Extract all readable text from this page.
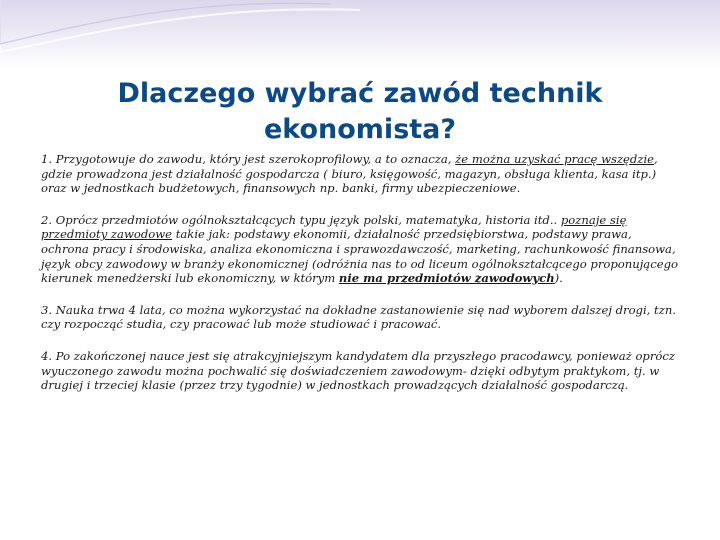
Dlaczego wybrać zawód technik
ekonomista?

1. Przygotowuje do zawodu, który jest szerokoprofilowy, a to oznacza, że można uzyskać pracę wszędzie, gdzie prowadzona jest działalność gospodarcza ( biuro, księgowość, magazyn, obsługa klienta, kasa itp.) oraz w jednostkach budżetowych, finansowych np. banki, firmy ubezpieczeniowe.

2. Oprócz przedmiotów ogólnokształcących typu język polski, matematyka, historia itd.. poznaje się przedmioty zawodowe takie jak: podstawy ekonomii, działalność przedsiębiorstwa, podstawy prawa, ochrona pracy i środowiska, analiza ekonomiczna i sprawozdawczość, marketing, rachunkowość finansowa, język obcy zawodowy w branży ekonomicznej (odróżnia nas to od liceum ogólnokształcącego proponującego kierunek menedżerski lub ekonomiczny, w którym nie ma przedmiotów zawodowych).

3. Nauka trwa 4 lata, co można wykorzystać na dokładne zastanowienie się nad wyborem dalszej drogi, tzn. czy rozpocząć studia, czy pracować lub może studiować i pracować.

4. Po zakończonej nauce jest się atrakcyjniejszym kandydatem dla przyszłego pracodawcy, ponieważ oprócz wyuczonego zawodu można pochwalić się doświadczeniem zawodowym- dzięki odbytym praktykom, tj. w drugiej i trzeciej klasie (przez trzy tygodnie) w jednostkach prowadzących działalność gospodarczą.
